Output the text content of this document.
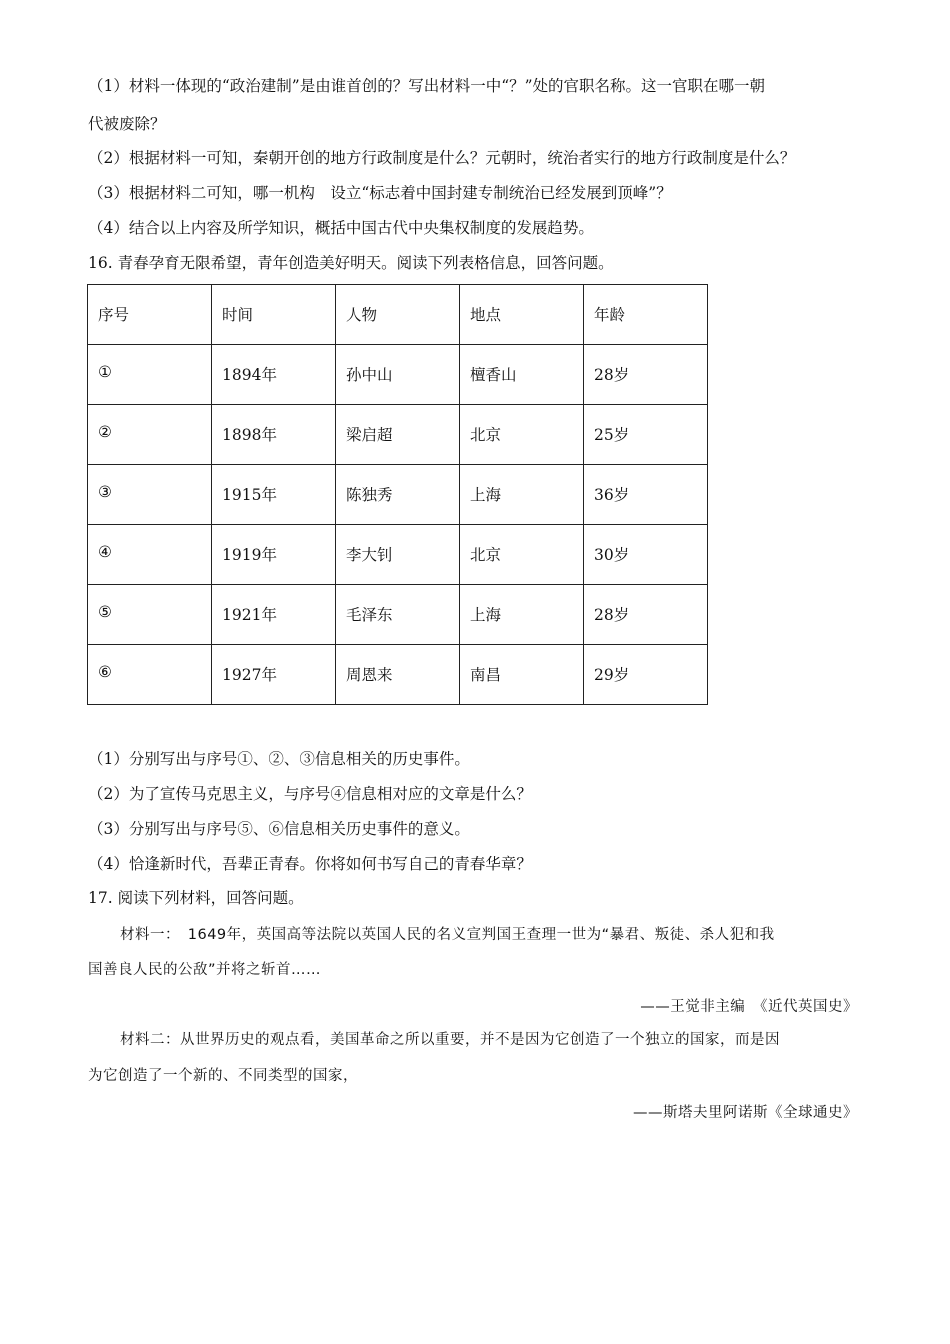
（1）材料一体现的“政治建制”是由谁首创的？写出材料一中“？”处的官职名称。这一官职在哪一朝
代被废除？
（2）根据材料一可知，秦朝开创的地方行政制度是什么？元朝时，统治者实行的地方行政制度是什么？
（3）根据材料二可知，哪一机构　设立“标志着中国封建专制统治已经发展到顶峰”？
（4）结合以上内容及所学知识，概括中国古代中央集权制度的发展趋势。
16. 青春孕育无限希望，青年创造美好明天。阅读下列表格信息，回答问题。
序号	时间	人物	地点	年龄

①	1894年	孙中山	檀香山	28岁

②	1898年	梁启超	北京	25岁

③	1915年	陈独秀	上海	36岁

④	1919年	李大钊	北京	30岁

⑤	1921年	毛泽东	上海	28岁

⑥	1927年	周恩来	南昌	29岁
（1）分别写出与序号①、②、③信息相关的历史事件。
（2）为了宣传马克思主义，与序号④信息相对应的文章是什么？
（3）分别写出与序号⑤、⑥信息相关历史事件的意义。
（4）恰逢新时代，吾辈正青春。你将如何书写自己的青春华章？
17. 阅读下列材料，回答问题。
材料一：　1649年，英国高等法院以英国人民的名义宣判国王查理一世为“暴君、叛徒、杀人犯和我
国善良人民的公敌”并将之斩首……
——王觉非主编　《近代英国史》
材料二：从世界历史的观点看，美国革命之所以重要，并不是因为它创造了一个独立的国家，而是因
为它创造了一个新的、不同类型的国家，
——斯塔夫里阿诺斯《全球通史》
